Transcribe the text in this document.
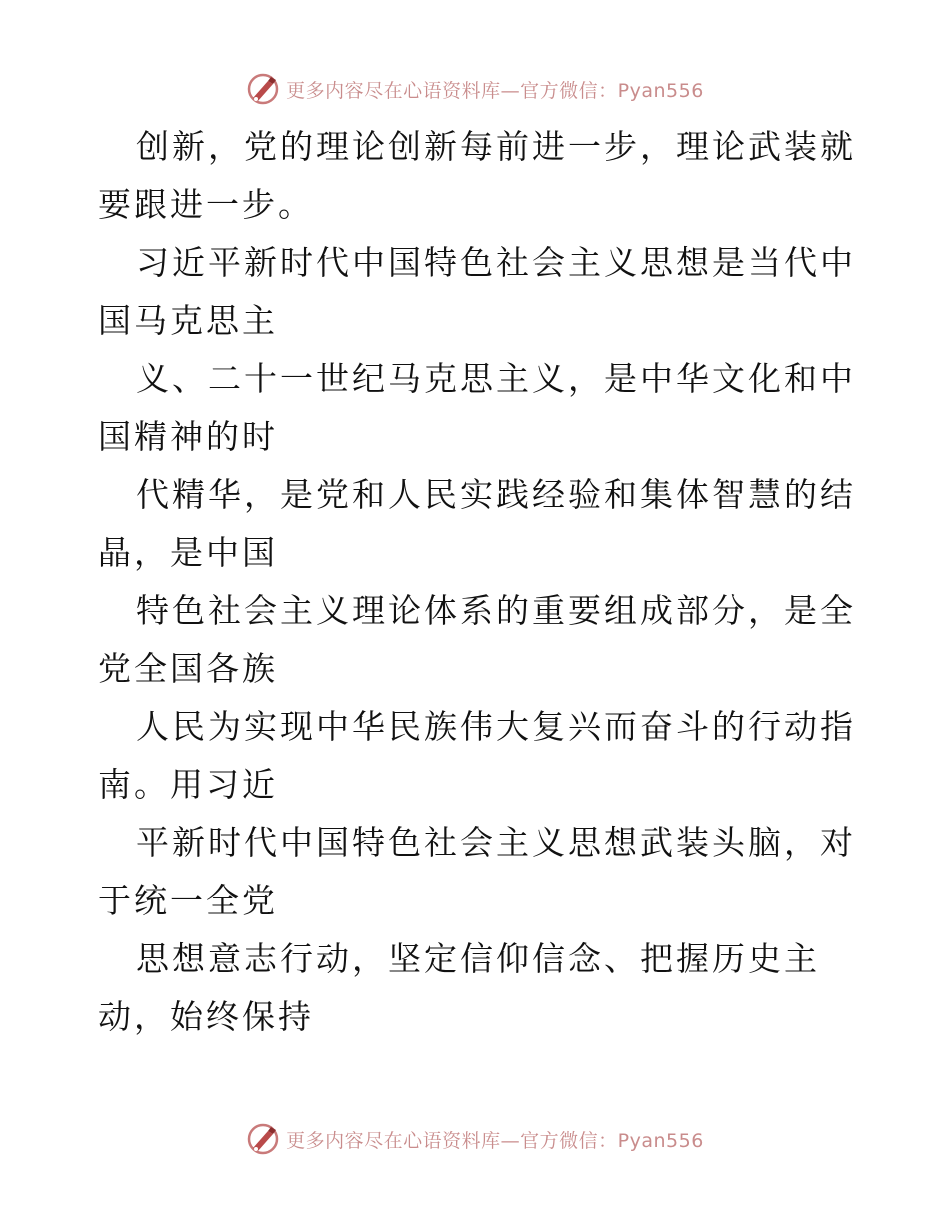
更多内容尽在心语资料库—官方微信：Pyan556

创新，党的理论创新每前进一步，理论武装就要跟进一步。

习近平新时代中国特色社会主义思想是当代中国马克思主

义、二十一世纪马克思主义，是中华文化和中国精神的时

代精华，是党和人民实践经验和集体智慧的结晶，是中国

特色社会主义理论体系的重要组成部分，是全党全国各族

人民为实现中华民族伟大复兴而奋斗的行动指南。用习近

平新时代中国特色社会主义思想武装头脑，对于统一全党

思想意志行动，坚定信仰信念、把握历史主动，始终保持

更多内容尽在心语资料库—官方微信：Pyan556
